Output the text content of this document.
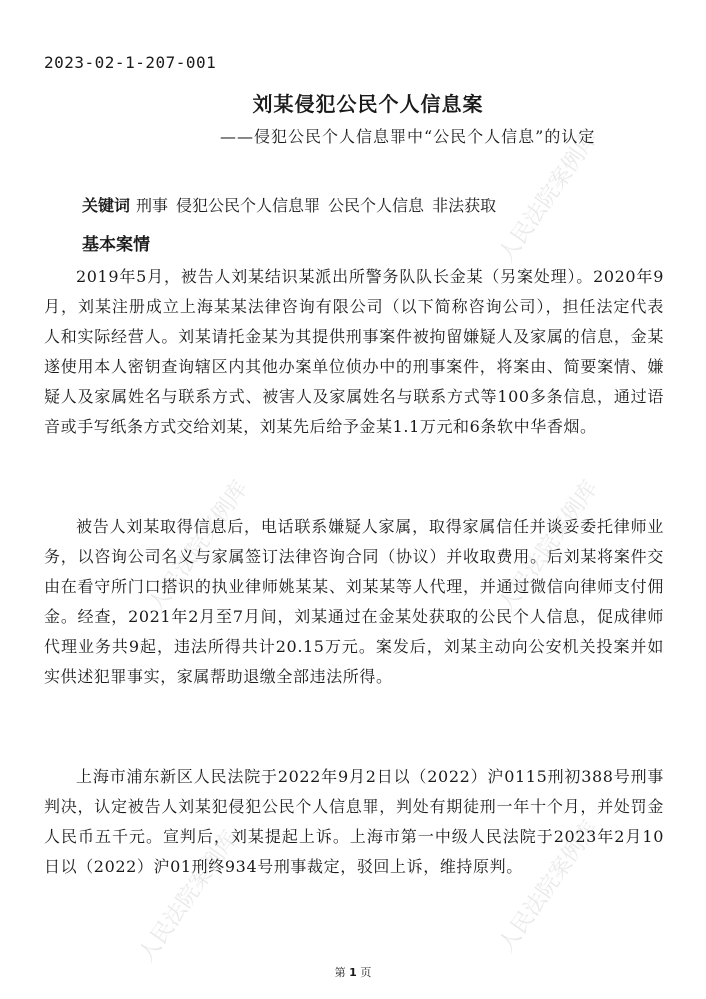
人民法院案例库
人民法院案例库
人民法院案例库
人民法院案例库
人民法院案例库
2023-02-1-207-001
刘某侵犯公民个人信息案
——侵犯公民个人信息罪中“公民个人信息”的认定
关键词 刑事 侵犯公民个人信息罪 公民个人信息 非法获取
基本案情

2019年5月，被告人刘某结识某派出所警务队队长金某（另案处理）。2020年9月，刘某注册成立上海某某法律咨询有限公司（以下简称咨询公司），担任法定代表人和实际经营人。刘某请托金某为其提供刑事案件被拘留嫌疑人及家属的信息，金某遂使用本人密钥查询辖区内其他办案单位侦办中的刑事案件，将案由、简要案情、嫌疑人及家属姓名与联系方式、被害人及家属姓名与联系方式等100多条信息，通过语音或手写纸条方式交给刘某，刘某先后给予金某1.1万元和6条软中华香烟。

被告人刘某取得信息后，电话联系嫌疑人家属，取得家属信任并谈妥委托律师业务，以咨询公司名义与家属签订法律咨询合同（协议）并收取费用。后刘某将案件交由在看守所门口搭识的执业律师姚某某、刘某某等人代理，并通过微信向律师支付佣金。经查，2021年2月至7月间，刘某通过在金某处获取的公民个人信息，促成律师代理业务共9起，违法所得共计20.15万元。案发后，刘某主动向公安机关投案并如实供述犯罪事实，家属帮助退缴全部违法所得。

上海市浦东新区人民法院于2022年9月2日以（2022）沪0115刑初388号刑事判决，认定被告人刘某犯侵犯公民个人信息罪，判处有期徒刑一年十个月，并处罚金人民币五千元。宣判后，刘某提起上诉。上海市第一中级人民法院于2023年2月10日以（2022）沪01刑终934号刑事裁定，驳回上诉，维持原判。

第 1 页
